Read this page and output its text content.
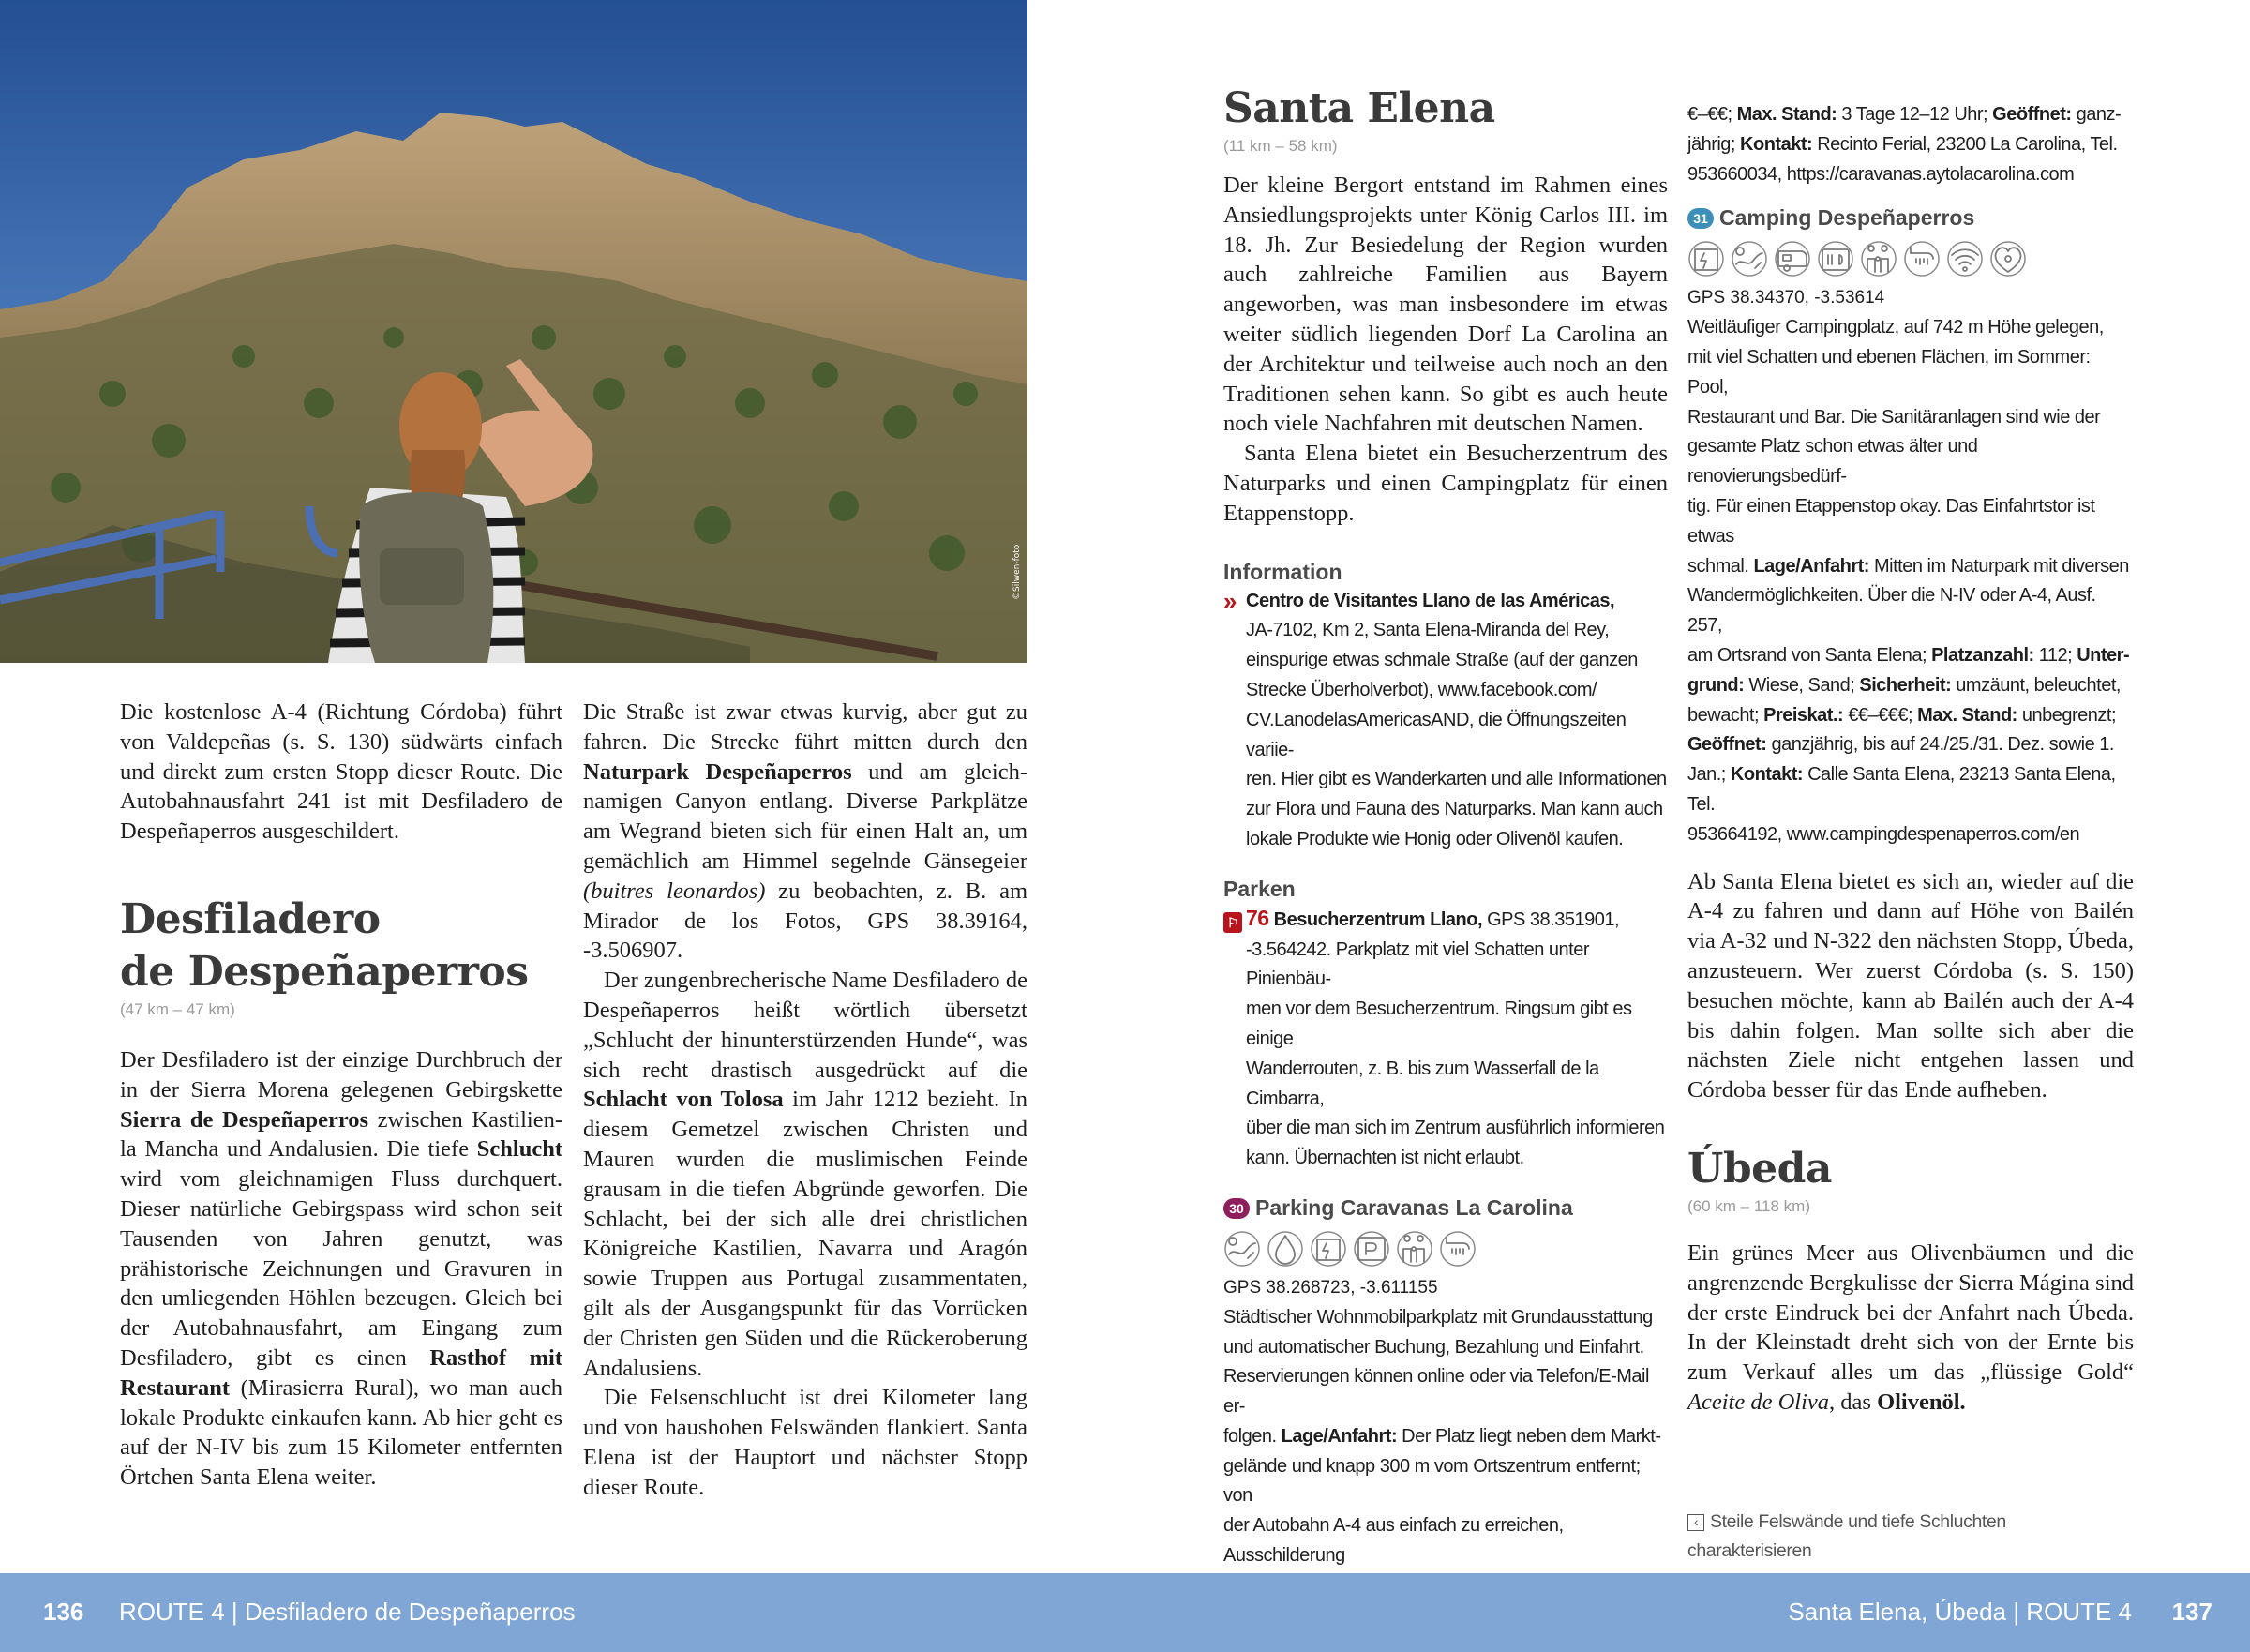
©Silwen-foto
Die kostenlose A-4 (Richtung Córdoba) führt von Valdepeñas (s. S. 130) südwärts einfach und direkt zum ersten Stopp dieser Route. Die Autobahnausfahrt 241 ist mit Desfiladero de Despeñaperros ausgeschildert.
Desfiladero
de Despeñaperros
(47 km – 47 km)
Der Desfiladero ist der einzige Durchbruch der in der Sierra Morena gelegenen Gebirgskette Sierra de Despeñaperros zwischen Kastilien-la Mancha und Andalusien. Die tiefe Schlucht wird vom gleichnamigen Fluss durchquert. Dieser natürliche Gebirgspass wird schon seit Tausenden von Jahren genutzt, was prähistorische Zeichnungen und Gravuren in den umliegenden Höhlen bezeugen. Gleich bei der Autobahnausfahrt, am Eingang zum Desfiladero, gibt es einen Rasthof mit Restaurant (Mirasierra Rural), wo man auch lokale Produkte einkaufen kann. Ab hier geht es auf der N-IV bis zum 15 Kilometer entfernten Örtchen Santa Elena weiter.

Die Straße ist zwar etwas kurvig, aber gut zu fahren. Die Strecke führt mitten durch den Naturpark Despeñaperros und am gleichnamigen Canyon entlang. Diverse Parkplätze am Wegrand bieten sich für einen Halt an, um gemächlich am Himmel segelnde Gänsegeier (buitres leonardos) zu beobachten, z. B. am Mirador de los Fotos, GPS 38.39164, -3.506907.

Der zungenbrecherische Name Desfiladero de Despeñaperros heißt wörtlich übersetzt „Schlucht der hinunterstürzenden Hunde“, was sich recht drastisch ausgedrückt auf die Schlacht von Tolosa im Jahr 1212 bezieht. In diesem Gemetzel zwischen Christen und Mauren wurden die muslimischen Feinde grausam in die tiefen Abgründe geworfen. Die Schlacht, bei der sich alle drei christlichen Königreiche Kastilien, Navarra und Aragón sowie Truppen aus Portugal zusammentaten, gilt als der Ausgangspunkt für das Vorrücken der Christen gen Süden und die Rückeroberung Andalusiens.

Die Felsenschlucht ist drei Kilometer lang und von haushohen Felswänden flankiert. Santa Elena ist der Hauptort und nächster Stopp dieser Route.

Santa Elena
(11 km – 58 km)

Der kleine Bergort entstand im Rahmen eines Ansiedlungsprojekts unter König Carlos III. im 18. Jh. Zur Besiedelung der Region wurden auch zahlreiche Familien aus Bayern angeworben, was man insbesondere im etwas weiter südlich liegenden Dorf La Carolina an der Architektur und teilweise auch noch an den Traditionen sehen kann. So gibt es auch heute noch viele Nachfahren mit deutschen Namen.

Santa Elena bietet ein Besucherzentrum des Naturparks und einen Campingplatz für einen Etappenstopp.

Information
» Centro de Visitantes Llano de las Américas,
JA-7102, Km 2, Santa Elena-Miranda del Rey,
einspurige etwas schmale Straße (auf der ganzen
Strecke Überholverbot), www.facebook.com/
CV.LanodelasAmericasAND, die Öffnungszeiten variie-
ren. Hier gibt es Wanderkarten und alle Informationen
zur Flora und Fauna des Naturparks. Man kann auch
lokale Produkte wie Honig oder Olivenöl kaufen.
Parken
⚐ 76 Besucherzentrum Llano, GPS 38.351901,
-3.564242. Parkplatz mit viel Schatten unter Pinienbäu-
men vor dem Besucherzentrum. Ringsum gibt es einige
Wanderrouten, z. B. bis zum Wasserfall de la Cimbarra,
über die man sich im Zentrum ausführlich informieren
kann. Übernachten ist nicht erlaubt.
30 Parking Caravanas La Carolina
GPS 38.268723, -3.611155
Städtischer Wohnmobilparkplatz mit Grundausstattung
und automatischer Buchung, Bezahlung und Einfahrt.
Reservierungen können online oder via Telefon/E-Mail er-
folgen. Lage/Anfahrt: Der Platz liegt neben dem Markt-
gelände und knapp 300 m vom Ortszentrum entfernt; von
der Autobahn A-4 aus einfach zu erreichen, Ausschilderung

€–€€; Max. Stand: 3 Tage 12–12 Uhr; Geöffnet: ganz-
jährig; Kontakt: Recinto Ferial, 23200 La Carolina, Tel.
953660034, https://caravanas.aytolacarolina.com
31 Camping Despeñaperros
GPS 38.34370, -3.53614
Weitläufiger Campingplatz, auf 742 m Höhe gelegen,
mit viel Schatten und ebenen Flächen, im Sommer: Pool,
Restaurant und Bar. Die Sanitäranlagen sind wie der
gesamte Platz schon etwas älter und renovierungsbedürf-
tig. Für einen Etappenstop okay. Das Einfahrtstor ist etwas
schmal. Lage/Anfahrt: Mitten im Naturpark mit diversen
Wandermöglichkeiten. Über die N-IV oder A-4, Ausf. 257,
am Ortsrand von Santa Elena; Platzanzahl: 112; Unter-
grund: Wiese, Sand; Sicherheit: umzäunt, beleuchtet,
bewacht; Preiskat.: €€–€€€; Max. Stand: unbegrenzt;
Geöffnet: ganzjährig, bis auf 24./25./31. Dez. sowie 1.
Jan.; Kontakt: Calle Santa Elena, 23213 Santa Elena, Tel.
953664192, www.campingdespenaperros.com/en
Ab Santa Elena bietet es sich an, wieder auf die A-4 zu fahren und dann auf Höhe von Bailén via A-32 und N-322 den nächsten Stopp, Úbeda, anzusteuern. Wer zuerst Córdoba (s. S. 150) besuchen möchte, kann ab Bailén auch der A-4 bis dahin folgen. Man sollte sich aber die nächsten Ziele nicht entgehen lassen und Córdoba besser für das Ende aufheben.
Úbeda
(60 km – 118 km)
Ein grünes Meer aus Olivenbäumen und die angrenzende Bergkulisse der Sierra Mágina sind der erste Eindruck bei der Anfahrt nach Úbeda. In der Kleinstadt dreht sich von der Ernte bis zum Verkauf alles um das „flüssige Gold“ Aceite de Oliva, das Olivenöl.
‹ Steile Felswände und tiefe Schluchten charakterisieren

136 ROUTE 4 | Desfiladero de Despeñaperros	Santa Elena, Úbeda | ROUTE 4 137
